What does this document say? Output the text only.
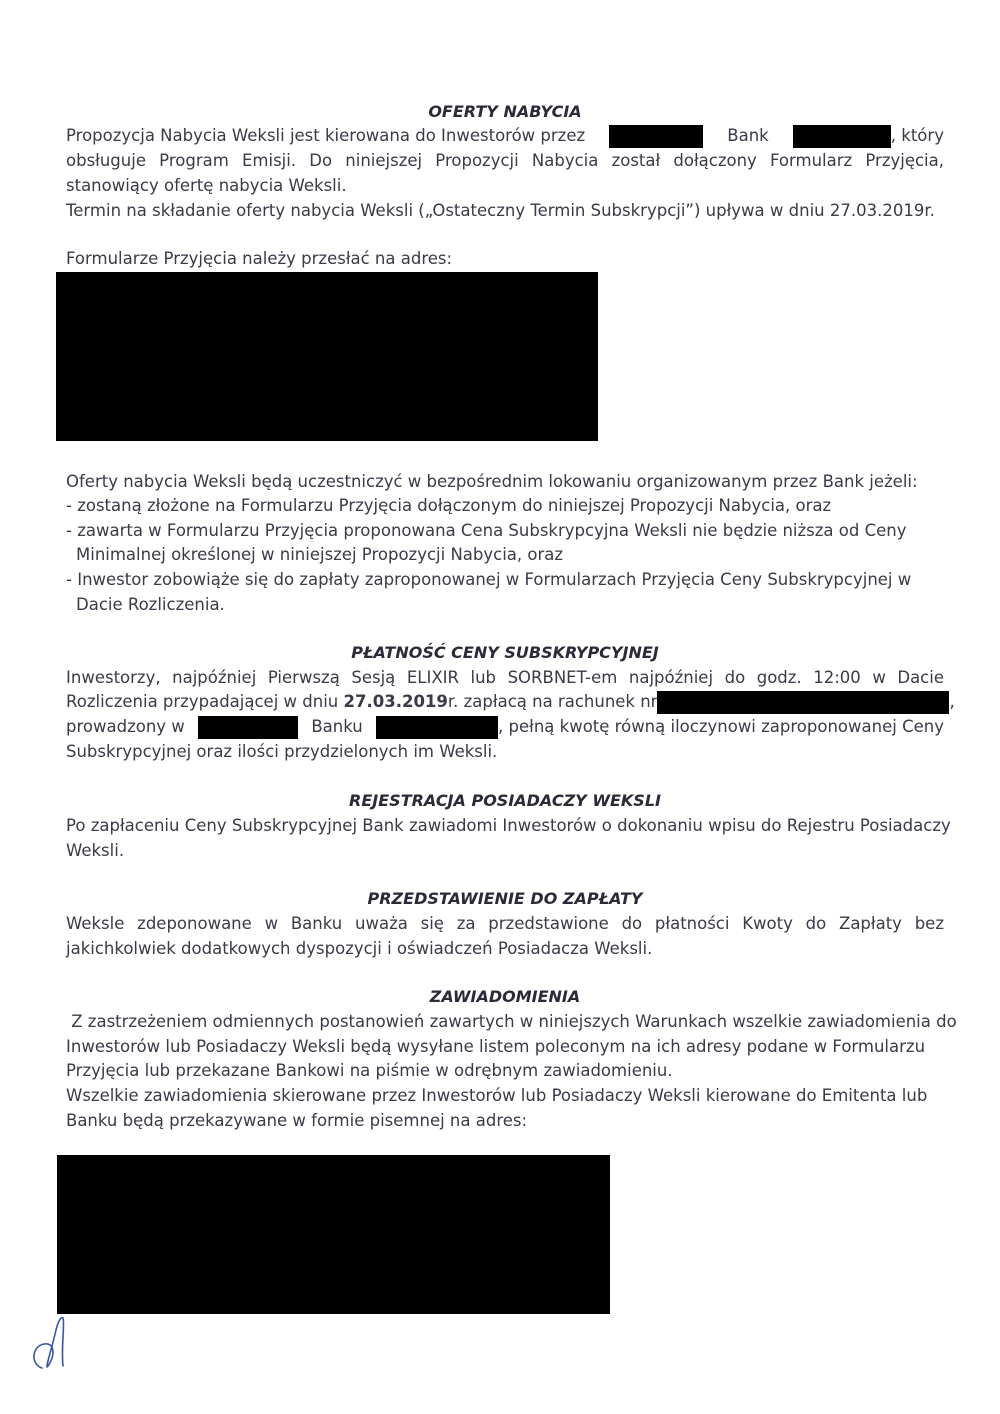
OFERTY NABYCIA
Propozycja Nabycia Weksli jest kierowana do Inwestorów przez	Bank	, który
obsługuje Program Emisji. Do niniejszej Propozycji Nabycia został dołączony Formularz Przyjęcia,
stanowiący ofertę nabycia Weksli.
Termin na składanie oferty nabycia Weksli („Ostateczny Termin Subskrypcji”) upływa w dniu 27.03.2019r.
Formularze Przyjęcia należy przesłać na adres:
Oferty nabycia Weksli będą uczestniczyć w bezpośrednim lokowaniu organizowanym przez Bank jeżeli:
- zostaną złożone na Formularzu Przyjęcia dołączonym do niniejszej Propozycji Nabycia, oraz
- zawarta w Formularzu Przyjęcia proponowana Cena Subskrypcyjna Weksli nie będzie niższa od Ceny
Minimalnej określonej w niniejszej Propozycji Nabycia, oraz
- Inwestor zobowiąże się do zapłaty zaproponowanej w Formularzach Przyjęcia Ceny Subskrypcyjnej w
Dacie Rozliczenia.
PŁATNOŚĆ CENY SUBSKRYPCYJNEJ
Inwestorzy, najpóźniej Pierwszą Sesją ELIXIR lub SORBNET-em najpóźniej do godz. 12:00 w Dacie
Rozliczenia przypadającej w dniu 27.03.2019r. zapłacą na rachunek nr	,
prowadzony w	Banku	, pełną kwotę równą iloczynowi zaproponowanej Ceny
Subskrypcyjnej oraz ilości przydzielonych im Weksli.
REJESTRACJA POSIADACZY WEKSLI
Po zapłaceniu Ceny Subskrypcyjnej Bank zawiadomi Inwestorów o dokonaniu wpisu do Rejestru Posiadaczy
Weksli.
PRZEDSTAWIENIE DO ZAPŁATY
Weksle zdeponowane w Banku uważa się za przedstawione do płatności Kwoty do Zapłaty bez
jakichkolwiek dodatkowych dyspozycji i oświadczeń Posiadacza Weksli.
ZAWIADOMIENIA
Z zastrzeżeniem odmiennych postanowień zawartych w niniejszych Warunkach wszelkie zawiadomienia do
Inwestorów lub Posiadaczy Weksli będą wysyłane listem poleconym na ich adresy podane w Formularzu
Przyjęcia lub przekazane Bankowi na piśmie w odrębnym zawiadomieniu.
Wszelkie zawiadomienia skierowane przez Inwestorów lub Posiadaczy Weksli kierowane do Emitenta lub
Banku będą przekazywane w formie pisemnej na adres:
